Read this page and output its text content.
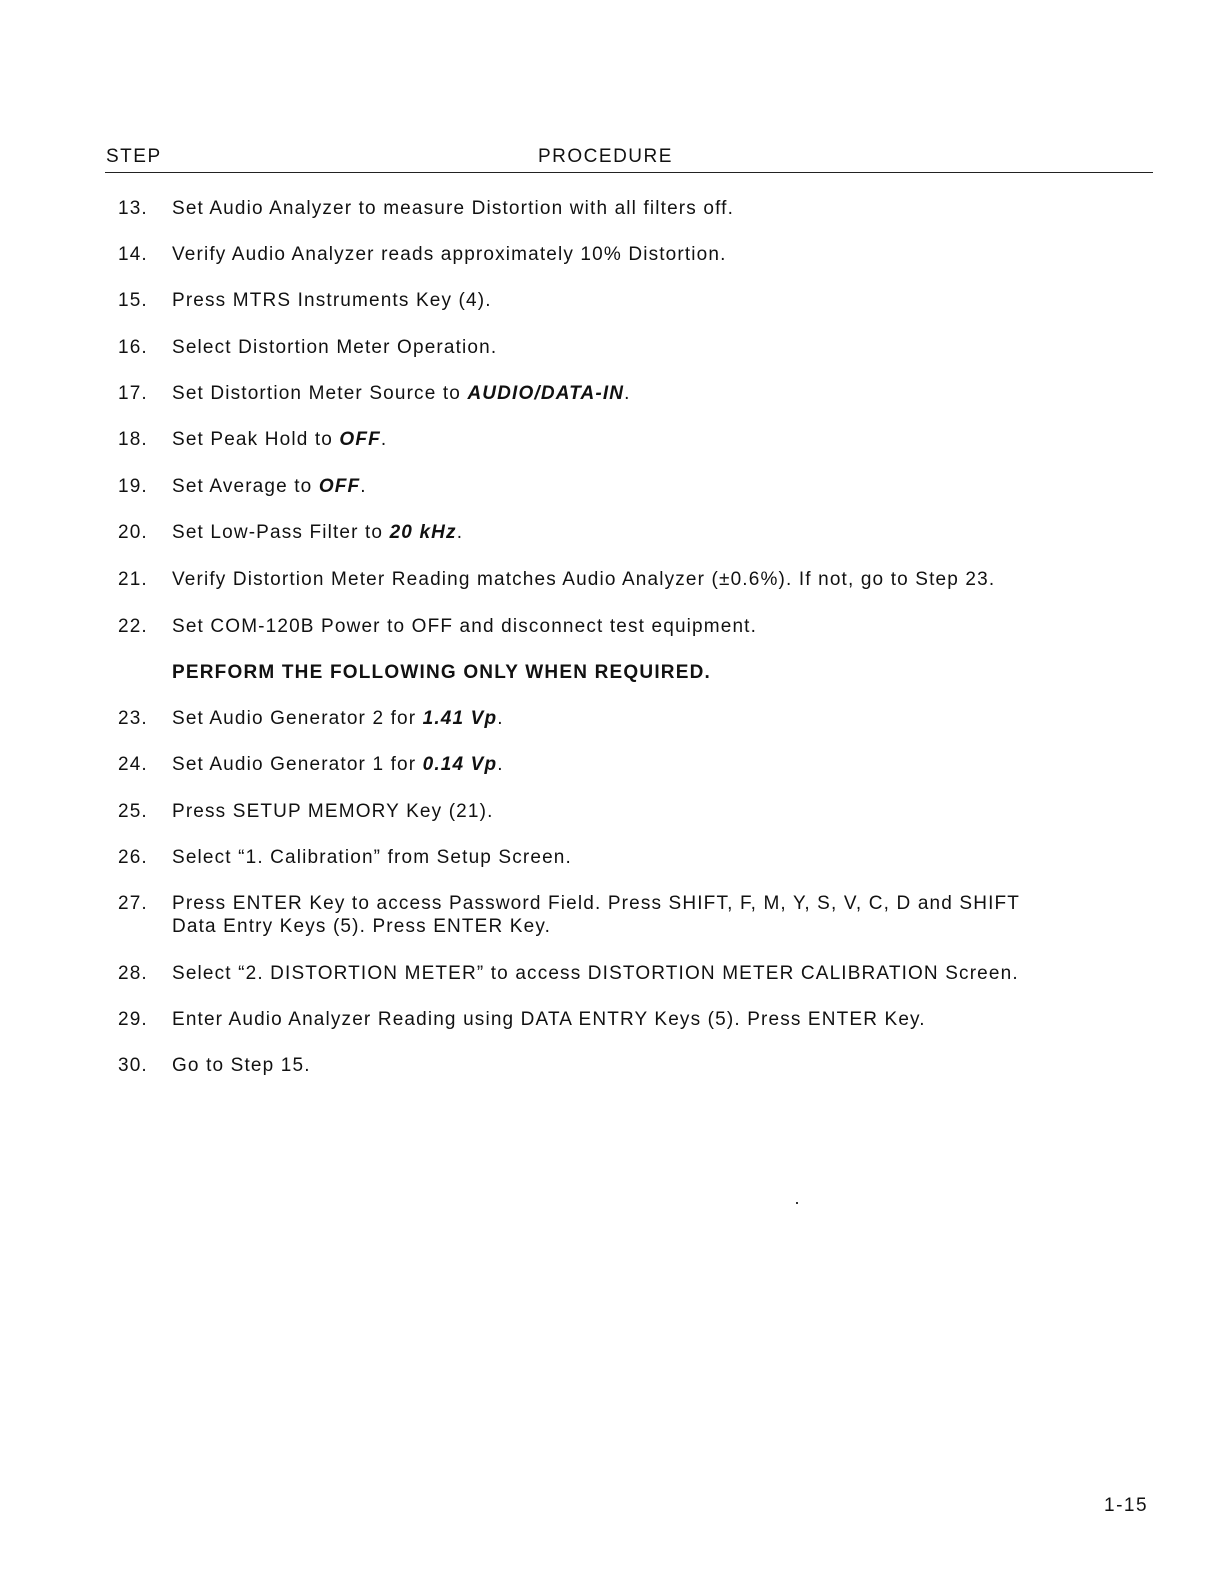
STEP	PROCEDURE
13. Set Audio Analyzer to measure Distortion with all filters off.
14. Verify Audio Analyzer reads approximately 10% Distortion.
15. Press MTRS Instruments Key (4).
16. Select Distortion Meter Operation.
17. Set Distortion Meter Source to AUDIO/DATA-IN.
18. Set Peak Hold to OFF.
19. Set Average to OFF.
20. Set Low-Pass Filter to 20 kHz.
21. Verify Distortion Meter Reading matches Audio Analyzer (±0.6%). If not, go to Step 23.
22. Set COM-120B Power to OFF and disconnect test equipment.
PERFORM THE FOLLOWING ONLY WHEN REQUIRED.
23. Set Audio Generator 2 for 1.41 Vp.
24. Set Audio Generator 1 for 0.14 Vp.
25. Press SETUP MEMORY Key (21).
26. Select “1. Calibration” from Setup Screen.
27. Press ENTER Key to access Password Field. Press SHIFT, F, M, Y, S, V, C, D and SHIFT
Data Entry Keys (5). Press ENTER Key.
28. Select “2. DISTORTION METER” to access DISTORTION METER CALIBRATION Screen.
29. Enter Audio Analyzer Reading using DATA ENTRY Keys (5). Press ENTER Key.
30. Go to Step 15.
1-15
